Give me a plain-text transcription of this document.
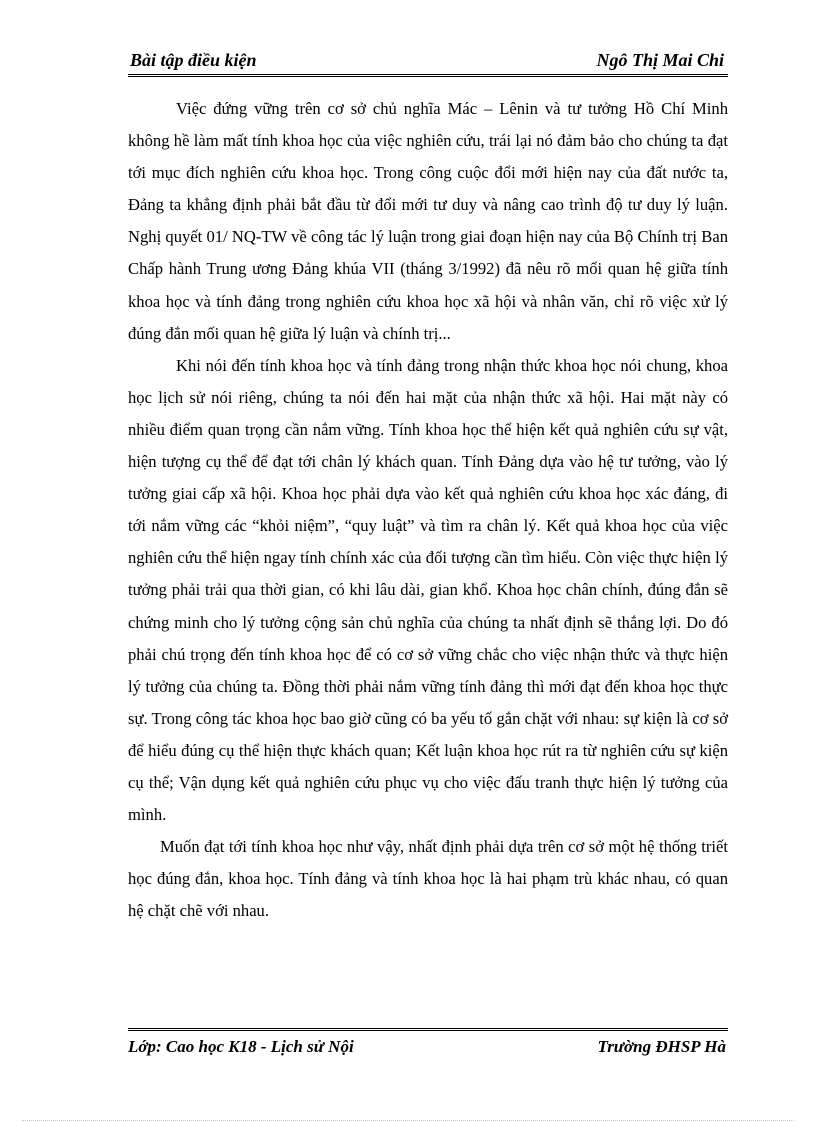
Bài tập điều kiện	Ngô Thị Mai Chi

Việc đứng vững trên cơ sở chủ nghĩa Mác – Lênin và tư tưởng Hồ Chí Minh không hề làm mất tính khoa học của việc nghiên cứu, trái lại nó đảm bảo cho chúng ta đạt tới mục đích nghiên cứu khoa học. Trong công cuộc đổi mới hiện nay của đất nước ta, Đảng ta khẳng định phải bắt đầu từ đổi mới tư duy và nâng cao trình độ tư duy lý luận. Nghị quyết 01/ NQ-TW về công tác lý luận trong giai đoạn hiện nay của Bộ Chính trị Ban Chấp hành Trung ương Đảng khúa VII (tháng 3/1992) đã nêu rõ mối quan hệ giữa tính khoa học và tính đảng trong nghiên cứu khoa học xã hội và nhân văn, chỉ rõ việc xử lý đúng đắn mối quan hệ giữa lý luận và chính trị...

Khi nói đến tính khoa học và tính đảng trong nhận thức khoa học nói chung, khoa học lịch sử nói riêng, chúng ta nói đến hai mặt của nhận thức xã hội. Hai mặt này có nhiều điểm quan trọng cần nắm vững. Tính khoa học thể hiện kết quả nghiên cứu sự vật, hiện tượng cụ thể để đạt tới chân lý khách quan. Tính Đảng dựa vào hệ tư tưởng, vào lý tưởng giai cấp xã hội. Khoa học phải dựa vào kết quả nghiên cứu khoa học xác đáng, đi tới nắm vững các “khỏi niệm”, “quy luật” và tìm ra chân lý. Kết quả khoa học của việc nghiên cứu thể hiện ngay tính chính xác của đối tượng cần tìm hiểu. Còn việc thực hiện lý tưởng phải trải qua thời gian, có khi lâu dài, gian khổ. Khoa học chân chính, đúng đắn sẽ chứng minh cho lý tưởng cộng sản chủ nghĩa của chúng ta nhất định sẽ thắng lợi. Do đó phải chú trọng đến tính khoa học để có cơ sở vững chắc cho việc nhận thức và thực hiện lý tưởng của chúng ta. Đồng thời phải nắm vững tính đảng thì mới đạt đến khoa học thực sự. Trong công tác khoa học bao giờ cũng có ba yếu tố gắn chặt với nhau: sự kiện là cơ sở để hiểu đúng cụ thể hiện thực khách quan; Kết luận khoa học rút ra từ nghiên cứu sự kiện cụ thể; Vận dụng kết quả nghiên cứu phục vụ cho việc đấu tranh thực hiện lý tưởng của mình.

Muốn đạt tới tính khoa học như vậy, nhất định phải dựa trên cơ sở một hệ thống triết học đúng đắn, khoa học. Tính đảng và tính khoa học là hai phạm trù khác nhau, có quan hệ chặt chẽ với nhau.

Lớp: Cao học K18 - Lịch sử Nội	Trường ĐHSP Hà
